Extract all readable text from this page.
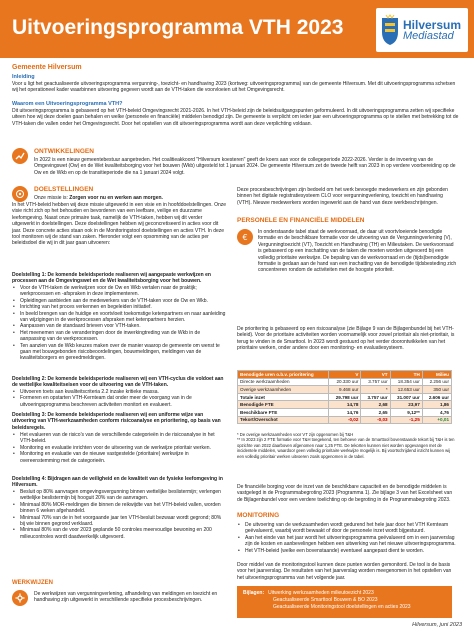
Uitvoeringsprogramma VTH 2023	Hilversum
Mediastad
Gemeente Hilversum
Inleiding
Voor u ligt het geactualiseerde uitvoeringsprogramma vergunning-, toezicht- en handhaving 2023 (kortweg: uitvoeringsprogramma) van de gemeente Hilversum. Met dit uitvoeringsprogramma schetsen wij het operationeel kader waarbinnen uitvoering gegeven wordt aan de VTH-taken die voorvloeien uit het Omgevingsrecht.
Waarom een Uitvoeringsprogramma VTH?
Dit uitvoeringsprogramma is gebaseerd op het VTH-beleid Omgevingsrecht 2021-2026. In het VTH-beleid zijn de beleidsuitgangspunten geformuleerd. In dit uitvoeringsprogramma zetten wij specifieke uiteen hoe wij deze doelen gaan behalen en welke (personele en financiële) middelen benodigd zijn. De gemeente is verplicht om ieder jaar een uitvoeringsprogramma op te stellen met betrekking tot de VTH-taken die vallen onder het Omgevingsrecht. Door het opstellen van dit uitvoeringsprogramma wordt aan deze verplichting voldaan.
ONTWIKKELINGEN
In 2022 is een nieuw gemeentebestuur aangetreden. Het coalitieakkoord "Hilversum koesteren" geeft de koers aan voor de collegeperiode 2022-2026. Verder is de invoering van de Omgevingswet (Ow) en de Wet kwaliteitsborging voor het bouwen (Wkb) uitgesteld tot 1 januari 2024. De gemeente Hilversum zet de tweede helft van 2023 in op verdere voorbereiding op de Ow en de Wkb en op de transitieperiode die na 1 januari 2024 volgt.
DOELSTELLINGEN
Onze missie is: Zorgen voor nu en werken aan morgen.
In het VTH-beleid hebben wij deze missie uitgewerkt in een visie en in hoofddoelstellingen. Onze visie richt zich op het behouden en bevorderen van een leefbare, veilige en duurzame leefomgeving. Naast onze primaire taak, namelijk de VTH-taken, hebben wij dit verder uitgewerkt in doelstellingen. Deze doelstellingen hebben wij geconcretiseerd in acties voor dit jaar. Deze concrete acties staan ook in de Monitoringstool doelstellingen en acties VTH. In deze tool monitoren wij de stand van zaken. Hieronder volgt een opsomming van de acties per beleidsdoel die wij in dit jaar gaan uitvoeren:
Doelstelling 1: De komende beleidsperiode realiseren wij aangepaste werkwijzen en processen aan de Omgevingswet en de Wet kwaliteitsborging voor het bouwen.
• Voor de VTH-taken de werkwijzen voor de Ow en Wkb vertalen naar de praktijk; werkprocessen en -afspraken in deze implementeren.
• Opleidingen aanbieden aan de medewerkers van de VTH-taken voor de Ow en Wkb.
• Inrichting van het proces verkennen en begeleiden initiatief.
• In beeld brengen van de huidige en voortvloeit toekomstige ketenpartners en naar aanleiding van wijzigingen in de werkprocessen afspraken met ketenpartners herzien.
• Aanpassen van de standaard brieven voor VTH-taken.
• Het meenemen van de veranderingen door de inwerkingtreding van de Wkb in de aanpassing van de werkprocessen.
• Ten aanzien van de Wkb keuzes maken over de manier waarop de gemeente om wenst te gaan met bouwgebonden risicobeoordelingen, bouwmeldingen, meldingen van de kwaliteitsborgers en gereedmeldingen.
Doelstelling 2: De komende beleidsperiode realiseren wij een VTH-cyclus die voldoet aan de wettelijke kwaliteitseisen voor de uitvoering van de VTH-taken.
• Uitvoeren toets aan kwaliteitscriteria 2.2 inzake kritieke massa.
• Formeren en opstarten VTH-Kernteam dat onder meer de voorgang van in de uitvoeringsprogramma beschreven activiteiten monitort en evalueert.
Doelstelling 3: De komende beleidsperiode realiseren wij een uniforme wijze van uitvoering van VTH-werkzaamheden conform risicoanalyse en prioritering, op basis van beleidsregels.
• Het evalueren van de risico's van de verschillende categorieën in de risicoanalyse in het VTH-beleid.
• Monitoring en evaluatie inrichten voor de uitvoering van de werkwijze prioritair werken.
• Monitoring en evaluatie van de nieuwe vastgestelde (prioritaire) werkwijze in overeenstemming met de categorieën.
Doelstelling 4: Bijdragen aan de veiligheid en de kwaliteit van de fysieke leefomgeving in Hilversum.
• Besluit op 80% aanvragen omgevingsvergunning binnen wettelijke beslistermijn; verlengen wettelijke beslistermijn bij hooguit 20% van de aanvragen.
• Minimaal 80% MOR-meldingen die binnen de reikwijdte van het VTH-beleid vallen, worden binnen 6 weken afgehandeld.
• Minimaal 70% van de in het voorgaande jaar ten VTH-besluit bezwaar wordt gegrond; 80% bij wie binnen gegrond verklaard.
• Minimaal 80% van de voor 2023 geplande 50 controles meervoudige bewoning en 200 milieucontroles wordt daadwerkelijk uitgevoerd.
WERKWIJZEN
De werkwijzen van vergunningverlening, afhandeling van meldingen en toezicht en handhaving zijn uitgewerkt in verschillende specifieke procesbeschrijvingen.
Deze procesbeschrijvingen zijn bedoeld om het werk bevoegde medewerkers en zijn gebonden binnen het digitale registratiesysteem CLO voor vergunningverlening, toezicht en handhaving (VTH). Nieuwe medewerkers worden ingewerkt aan de hand van deze werkbeschrijvingen.
PERSONELE EN FINANCIËLE MIDDELEN
€
In onderstaande tabel staat de werkvoorraad, de daar uit voortvloeiende benodigde formatie en de beschikbare formatie voor de uitvoering van de Vergunningverlening (V), Vergunningtoezicht (VT), Toezicht en Handhaving (TH) en Milieutaken. De werkvoorraad is gebaseerd op een inschatting van de taken die moeten worden uitgevoerd bij een volledig prioritaire werkwijze. De bepaling van de werkvoorraad en de (tijds)benodigde formatie is gedaan aan de hand van een inschatting van de benodigde tijdsbesteding zich concentreren rondom de activiteiten met de hoogste prioriteit.
De prioritering is gebaseerd op een risicoanalyse (zie Bijlage 9 van de Bijlagenbundel bij het VTH-beleid). Voor de prioritaire activiteiten worden voornamelijk voor zowel prioritair als niet-prioritair, is terug te vinden in de Smarttool. In 2023 wordt gestuurd op het verder doorontwikkelen van het prioritaire werken, onder andere door een monitoring- en evaluatiesysteem.
Benodigde uren o.b.v. prioritering	V	VT	TH	Milieu
Directe werkzaamheden	20.330 uur	3.757 uur	18.354 uur	2.256 uur
Overige werkzaamheden	9.468 uur	*	12.653 uur	350 uur
Totale inzet	29.798 uur	3.757 uur	31.007 uur	2.606 uur
Benodigde FTE	14,78	2,68	23,97	1,86
Beschikbare FTE	14,76	2,65	9,12**	4,76
Tekort/Overschot	-0,02	-0,03	-1,25	+0,01
* De overige werkzaamheden voor VT zijn opgenomen bij T&H
** In 2023 zijn 2 FTE formatie voor T&H toegekend, ten behoeve van de Smarttool bovenstaande tekort bij T&H is ten opzichte van 2022 daarboven afgenomen naar 1,25 FTE. De tekorten kunnen niet worden opgevangen met de incidentele middelen, waardoor geen volledig prioritaire werkwijze mogelijk is. Bij voortschrijdend inzicht kunnen wij een volledig prioritair werken uitvoeren zoals opgenomen in de tabel.
De financiële borging voor de inzet van de beschikbare capaciteit en de benodigde middelen is vastgelegd in de Programmabegroting 2023 (Programma 1). Zie bijlage 3 van het Excelsheet van de Bijlagenbundel voor een verdere toelichting op de begroting in de Programmabegroting 2023.
MONITORING
• De uitvoering van de werkzaamheden wordt gedurend het hele jaar door het VTH Kernteam geëvalueerd, waarbij wordt bewaakt of door de personele inzet wordt bijgestuurd.
• Aan het einde van het jaar wordt het uitvoeringsprogramma geëvalueerd om in een jaarverslag zijn de kosten en aanbevelingen hebben een uitwerking van het nieuwe uitvoeringsprogramma.
• Het VTH-beleid (welke een bovenstaande) eventueel aangepast dient te worden.
Door middel van de monitoringstool kunnen deze punten worden gemonitord. De tool is de basis voor het jaarverslag. De resultaten van het jaarverslag worden meegenomen in het opstellen van het uitvoeringsprogramma van het volgende jaar.
Bijlagen: Uitwerking werkzaamheden milieutoezicht 2023
Geactualiseerde Smarttool Bouwen & BO 2023
Geactualiseerde Monitoringstool doelstellingen en acties 2023
Hilversum, juni 2023
